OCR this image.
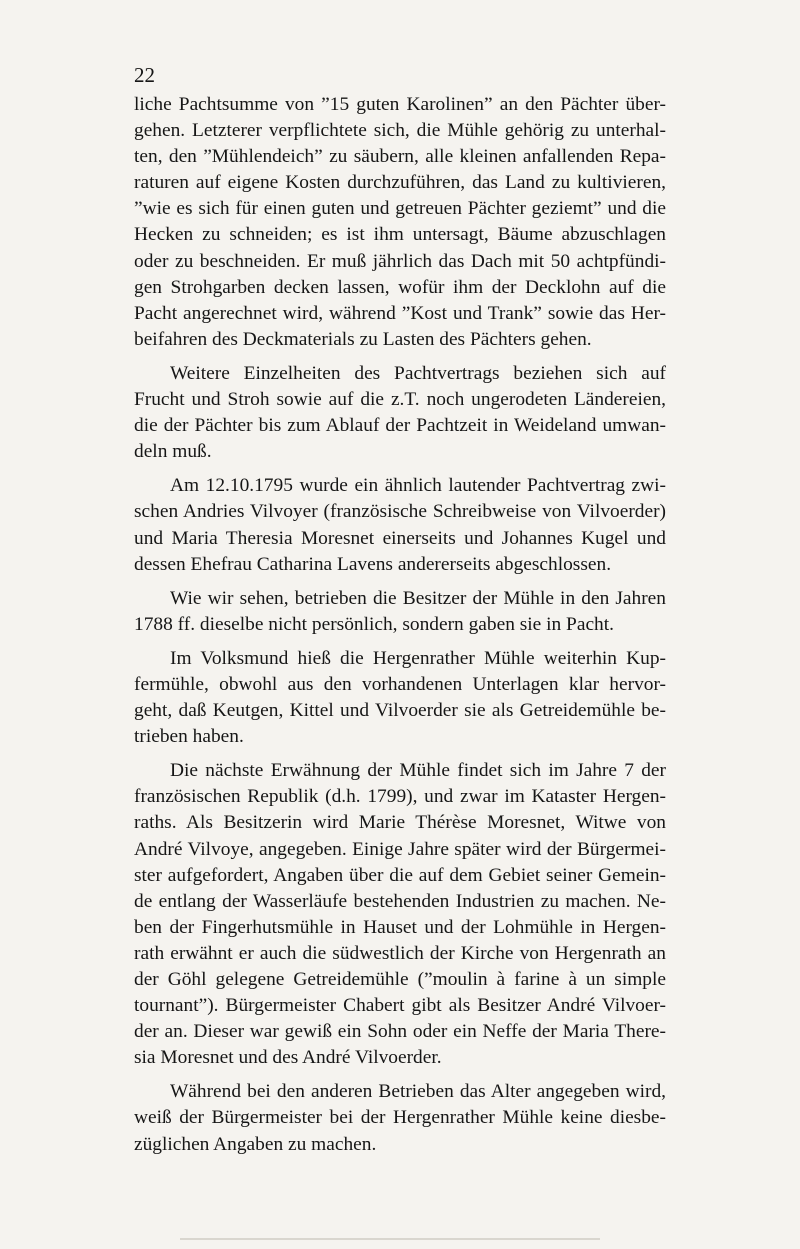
22

liche Pachtsumme von ”15 guten Karolinen” an den Pächter über-
gehen. Letzterer verpflichtete sich, die Mühle gehörig zu unterhal-
ten, den ”Mühlendeich” zu säubern, alle kleinen anfallenden Repa-
raturen auf eigene Kosten durchzuführen, das Land zu kultivieren,
”wie es sich für einen guten und getreuen Pächter geziemt” und die
Hecken zu schneiden; es ist ihm untersagt, Bäume abzuschlagen
oder zu beschneiden. Er muß jährlich das Dach mit 50 achtpfündi-
gen Strohgarben decken lassen, wofür ihm der Decklohn auf die
Pacht angerechnet wird, während ”Kost und Trank” sowie das Her-
beifahren des Deckmaterials zu Lasten des Pächters gehen.

Weitere Einzelheiten des Pachtvertrags beziehen sich auf
Frucht und Stroh sowie auf die z.T. noch ungerodeten Ländereien,
die der Pächter bis zum Ablauf der Pachtzeit in Weideland umwan-
deln muß.

Am 12.10.1795 wurde ein ähnlich lautender Pachtvertrag zwi-
schen Andries Vilvoyer (französische Schreibweise von Vilvoerder)
und Maria Theresia Moresnet einerseits und Johannes Kugel und
dessen Ehefrau Catharina Lavens andererseits abgeschlossen.

Wie wir sehen, betrieben die Besitzer der Mühle in den Jahren
1788 ff. dieselbe nicht persönlich, sondern gaben sie in Pacht.

Im Volksmund hieß die Hergenrather Mühle weiterhin Kup-
fermühle, obwohl aus den vorhandenen Unterlagen klar hervor-
geht, daß Keutgen, Kittel und Vilvoerder sie als Getreidemühle be-
trieben haben.

Die nächste Erwähnung der Mühle findet sich im Jahre 7 der
französischen Republik (d.h. 1799), und zwar im Kataster Hergen-
raths. Als Besitzerin wird Marie Thérèse Moresnet, Witwe von
André Vilvoye, angegeben. Einige Jahre später wird der Bürgermei-
ster aufgefordert, Angaben über die auf dem Gebiet seiner Gemein-
de entlang der Wasserläufe bestehenden Industrien zu machen. Ne-
ben der Fingerhutsmühle in Hauset und der Lohmühle in Hergen-
rath erwähnt er auch die südwestlich der Kirche von Hergenrath an
der Göhl gelegene Getreidemühle (”moulin à farine à un simple
tournant”). Bürgermeister Chabert gibt als Besitzer André Vilvoer-
der an. Dieser war gewiß ein Sohn oder ein Neffe der Maria There-
sia Moresnet und des André Vilvoerder.

Während bei den anderen Betrieben das Alter angegeben wird,
weiß der Bürgermeister bei der Hergenrather Mühle keine diesbe-
züglichen Angaben zu machen.
